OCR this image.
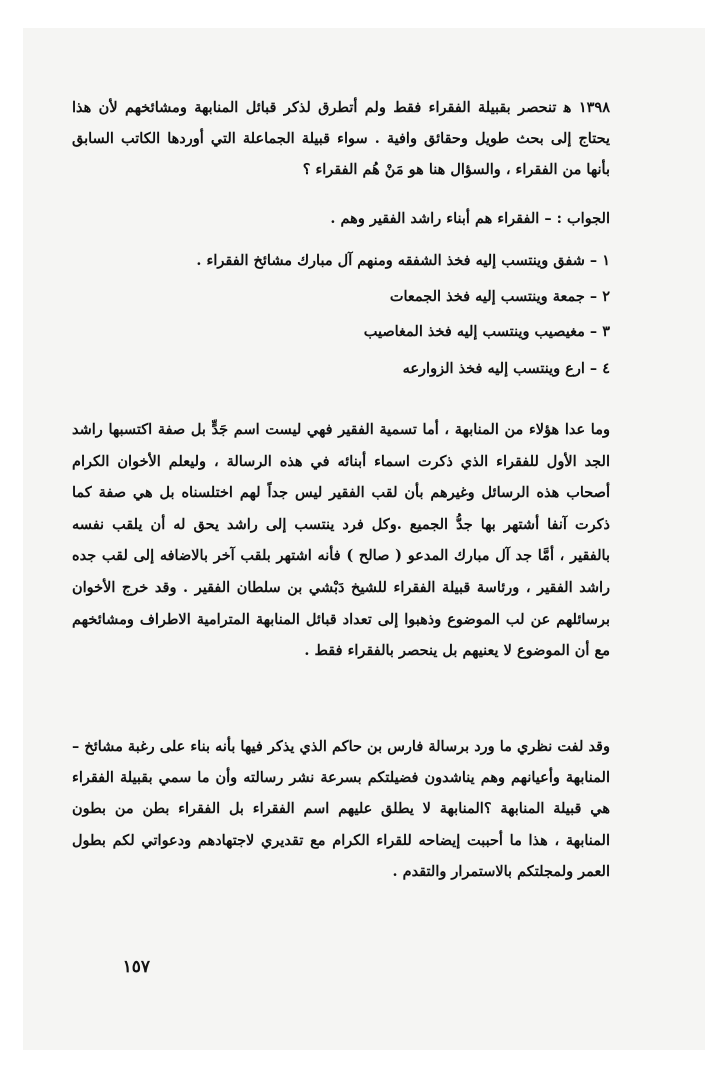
١٣٩٨ ﻫ تنحصر بقبيلة الفقراء فقط ولم أتطرق لذكر قبائل المنابهة ومشائخهم لأن هذا يحتاج إلى بحث طويل وحقائق وافية . سواء قبيلة الجماعلة التي أوردها الكاتب السابق بأنها من الفقراء ، والسؤال هنا هو مَنْ هُم الفقراء ؟

الجواب : – الفقراء هم أبناء راشد الفقير وهم .

١ – شفق وينتسب إليه فخذ الشفقه ومنهم آل مبارك مشائخ الفقراء .

٢ – جمعة وينتسب إليه فخذ الجمعات

٣ – مغيصيب وينتسب إليه فخذ المغاصيب

٤ – ارع وينتسب إليه فخذ الزوارعه

وما عدا هؤلاء من المنابهة ، أما تسمية الفقير فهي ليست اسم جَدٍّ بل صفة اكتسبها راشد الجد الأول للفقراء الذي ذكرت اسماء أبنائه في هذه الرسالة ، وليعلم الأخوان الكرام أصحاب هذه الرسائل وغيرهم بأن لقب الفقير ليس جداً لهم اختلسناه بل هي صفة كما ذكرت آنفا أشتهر بها جدُّ الجميع .وكل فرد ينتسب إلى راشد يحق له أن يلقب نفسه بالفقير ، أمَّا جد آل مبارك المدعو ( صالح ) فأنه اشتهر بلقب آخر بالاضافه إلى لقب جده راشد الفقير ، ورئاسة قبيلة الفقراء للشيخ دَبْشي بن سلطان الفقير . وقد خرج الأخوان برسائلهم عن لب الموضوع وذهبوا إلى تعداد قبائل المنابهة المترامية الاطراف ومشائخهم مع أن الموضوع لا يعنيهم بل ينحصر بالفقراء فقط .

وقد لفت نظري ما ورد برسالة فارس بن حاكم الذي يذكر فيها بأنه بناء على رغبة مشائخ – المنابهة وأعيانهم وهم يناشدون فضيلتكم بسرعة نشر رسالته وأن ما سمي بقبيلة الفقراء هي قبيلة المنابهة ؟المنابهة لا يطلق عليهم اسم الفقراء بل الفقراء بطن من بطون المنابهة ، هذا ما أحببت إيضاحه للقراء الكرام مع تقديري لاجتهادهم ودعواتي لكم بطول العمر ولمجلتكم بالاستمرار والتقدم .

١٥٧
